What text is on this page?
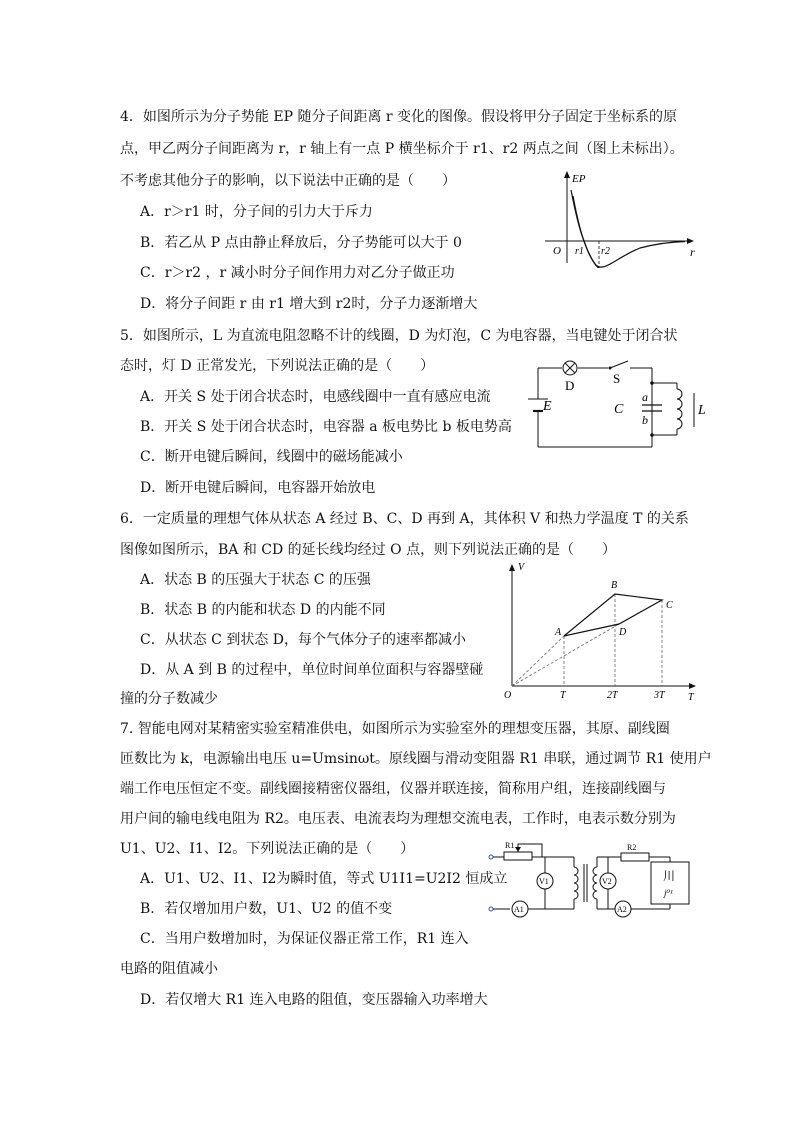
4．如图所示为分子势能 EP 随分子间距离 r 变化的图像。假设将甲分子固定于坐标系的原
点，甲乙两分子间距离为 r，r 轴上有一点 P 横坐标介于 r1、r2 两点之间（图上未标出）。
不考虑其他分子的影响，以下说法中正确的是（　　）
A．r＞r1 时，分子间的引力大于斥力
B．若乙从 P 点由静止释放后，分子势能可以大于 0
C．r＞r2 ，r 减小时分子间作用力对乙分子做正功
D．将分子间距 r 由 r1 增大到 r2时，分子力逐渐增大
EP
O r1 r2	r
5．如图所示，L 为直流电阻忽略不计的线圈，D 为灯泡，C 为电容器，当电键处于闭合状
态时，灯 D 正常发光，下列说法正确的是（　　）
A．开关 S 处于闭合状态时，电感线圈中一直有感应电流
B．开关 S 处于闭合状态时，电容器 a 板电势比 b 板电势高
C．断开电键后瞬间，线圈中的磁场能减小
D．断开电键后瞬间，电容器开始放电
D	S
E	C
a
b
L
6．一定质量的理想气体从状态 A 经过 B、C、D 再到 A，其体积 V 和热力学温度 T 的关系
图像如图所示，BA 和 CD 的延长线均经过 O 点，则下列说法正确的是（　　）
A．状态 B 的压强大于状态 C 的压强
B．状态 B 的内能和状态 D 的内能不同
C．从状态 C 到状态 D，每个气体分子的速率都减小
D．从 A 到 B 的过程中，单位时间单位面积与容器壁碰
撞的分子数减少
V
T
O
A
B
C
D
T	2T	3T
7. 智能电网对某精密实验室精准供电，如图所示为实验室外的理想变压器，其原、副线圈
匝数比为 k，电源输出电压 u=Umsinωt。原线圈与滑动变阻器 R1 串联，通过调节 R1 使用户
端工作电压恒定不变。副线圈接精密仪器组，仪器并联连接，简称用户组，连接副线圈与
用户间的输电线电阻为 R2。电压表、电流表均为理想交流电表，工作时，电表示数分别为
U1、U2、I1、I2。下列说法正确的是（　　）
A．U1、U2、I1、I2为瞬时值，等式 U1I1=U2I2 恒成立
B．若仅增加用户数，U1、U2 的值不变
C．当用户数增加时，为保证仪器正常工作，R1 连入
电路的阻值减小
D．若仅增大 R1 连入电路的阻值，变压器输入功率增大
R1	R2
V1	V2
A1	A2
川
j⁰¹
